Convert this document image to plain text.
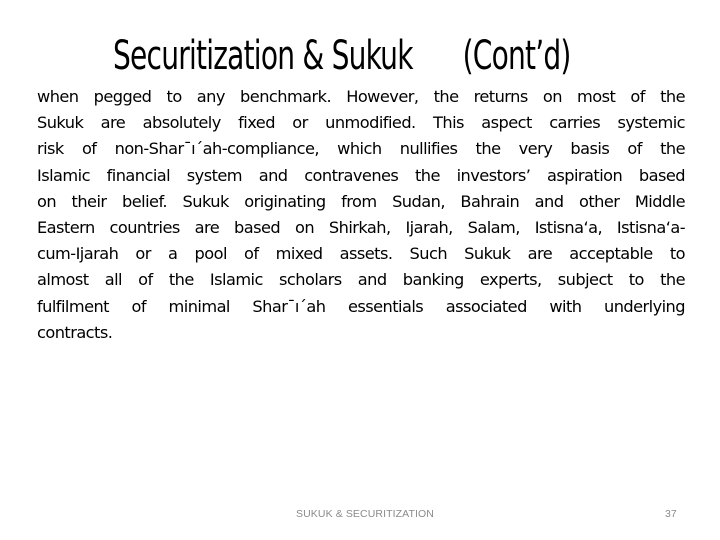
Securitization & Sukuk (Cont’d)
when pegged to any benchmark. However, the returns on most of the
Sukuk are absolutely fixed or unmodified. This aspect carries systemic
risk of non-Shar¯ı´ah-compliance, which nullifies the very basis of the
Islamic financial system and contravenes the investors’ aspiration based
on their belief. Sukuk originating from Sudan, Bahrain and other Middle
Eastern countries are based on Shirkah, Ijarah, Salam, Istisna‘a, Istisna‘a-
cum-Ijarah or a pool of mixed assets. Such Sukuk are acceptable to
almost all of the Islamic scholars and banking experts, subject to the
fulfilment of minimal Shar¯ı´ah essentials associated with underlying
contracts.
SUKUK & SECURITIZATION	37
